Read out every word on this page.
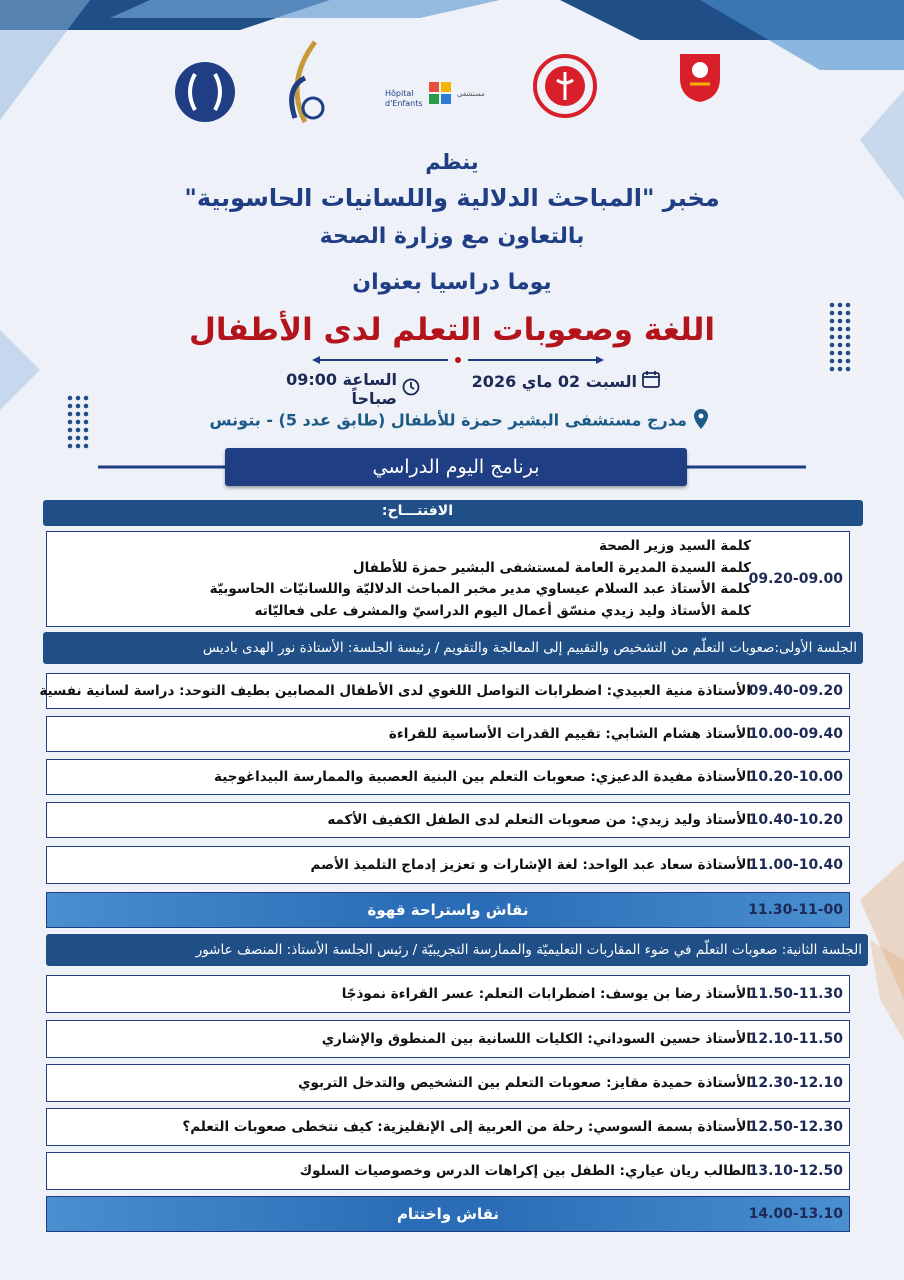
Hôpital
d'Enfants
مستشفى
ينظم
مخبر "المباحث الدلالية واللسانيات الحاسوبية"
بالتعاون مع وزارة الصحة
يوما دراسيا بعنوان
اللغة وصعوبات التعلم لدى الأطفال
السبت 02 ماي 2026
الساعة 09:00 صباحاً
مدرج مستشفى البشير حمزة للأطفال (طابق عدد 5) - بتونس
برنامج اليوم الدراسي
الافتتـــاح:
09.20-09.00
كلمة السيد وزير الصحة
كلمة السيدة المديرة العامة لمستشفى البشير حمزة للأطفال
كلمة الأستاذ عبد السلام عيساوي مدير مخبر المباحث الدلاليّة واللسانيّات الحاسوبيّة
كلمة الأستاذ وليد زيدي منسّق أعمال اليوم الدراسيّ والمشرف على فعاليّاته
الجلسة الأولى:صعوبات التعلّم من التشخيص والتقييم إلى المعالجة والتقويم
/
رئيسة الجلسة: الأستاذة نور الهدى باديس
09.40-09.20
الأستاذة منية العبيدي: اضطرابات التواصل اللغوي لدى الأطفال المصابين بطيف التوحد: دراسة لسانية نفسية
10.00-09.40
الأستاذ هشام الشابي: تقييم القدرات الأساسية للقراءة
10.20-10.00
الأستاذة مفيدة الدعيزي: صعوبات التعلم بين البنية العصبية والممارسة البيداغوجية
10.40-10.20
الأستاذ وليد زيدي: من صعوبات التعلم لدى الطفل الكفيف الأكمه
11.00-10.40
الأستاذة سعاد عبد الواحد: لغة الإشارات و تعزيز إدماج التلميذ الأصم
11.30-11-00
نقاش واستراحة قهوة
الجلسة الثانية: صعوبات التعلّم في ضوء المقاربات التعليميّة والممارسة التجريبيّة
/
رئيس الجلسة الأستاذ: المنصف عاشور
11.50-11.30
الأستاذ رضا بن يوسف: اضطرابات التعلم: عسر القراءة نموذجًا
12.10-11.50
الأستاذ حسين السوداني: الكليات اللسانية بين المنطوق والإشاري
12.30-12.10
الأستاذة حميدة مقايز: صعوبات التعلم بين التشخيص والتدخل التربوي
12.50-12.30
الأستاذة بسمة السوسي: رحلة من العربية إلى الإنقليزية: كيف نتخطى صعوبات التعلم؟
13.10-12.50
الطالب ريان عياري: الطفل بين إكراهات الدرس وخصوصيات السلوك
14.00-13.10
نقاش واختتام
